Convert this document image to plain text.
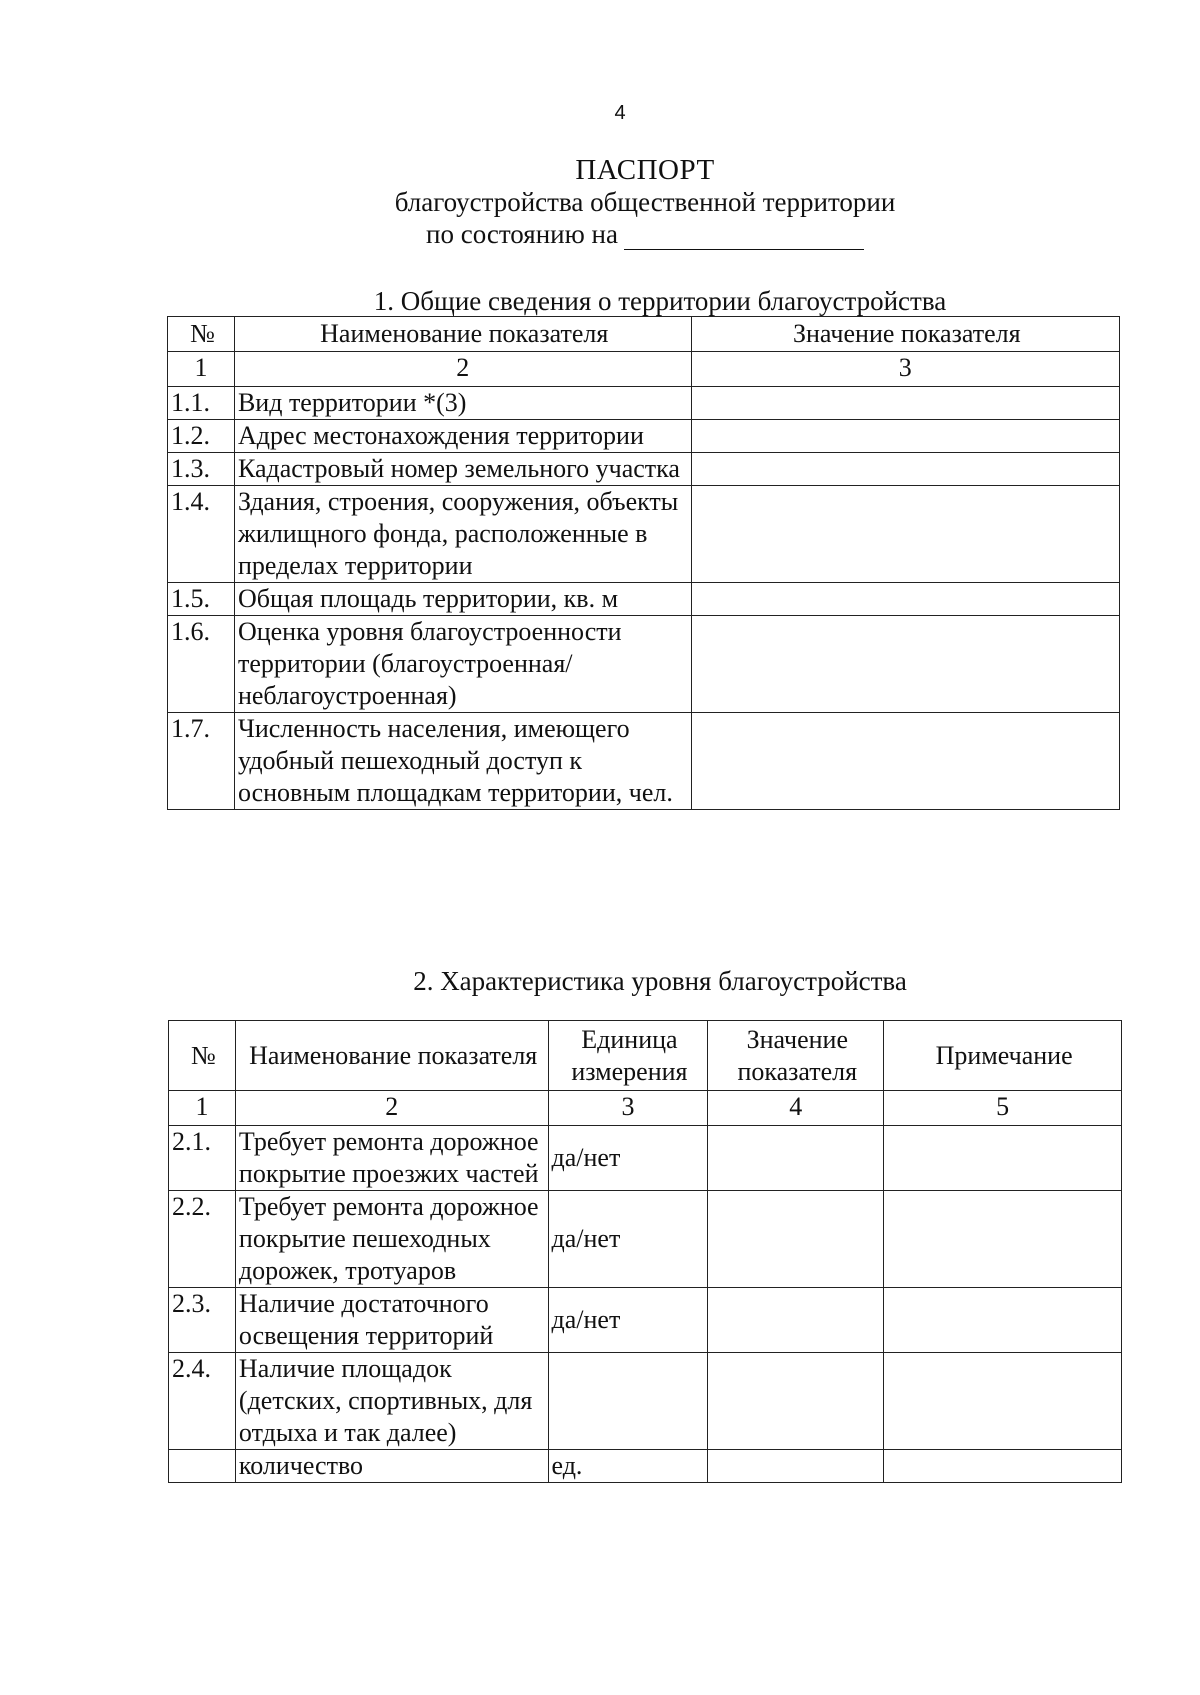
4
ПАСПОРТ
благоустройства общественной территории
по состоянию на
1. Общие сведения о территории благоустройства
№	Наименование показателя	Значение показателя
1	2	3
1.1.	Вид территории *(3)	
1.2.	Адрес местонахождения территории	
1.3.	Кадастровый номер земельного участка	
1.4.	Здания, строения, сооружения, объекты жилищного фонда, расположенные в пределах территории	
1.5.	Общая площадь территории, кв. м	
1.6.	Оценка уровня благоустроенности территории (благоустроенная/ неблагоустроенная)	
1.7.	Численность населения, имеющего удобный пешеходный доступ к основным площадкам территории, чел.	
2. Характеристика уровня благоустройства
№	Наименование показателя	Единица измерения	Значение показателя	Примечание
1	2	3	4	5
2.1.	Требует ремонта дорожное покрытие проезжих частей	да/нет		
2.2.	Требует ремонта дорожное покрытие пешеходных дорожек, тротуаров	да/нет		
2.3.	Наличие достаточного освещения территорий	да/нет		
2.4.	Наличие площадок (детских, спортивных, для отдыха и так далее)			
	количество	ед.		
